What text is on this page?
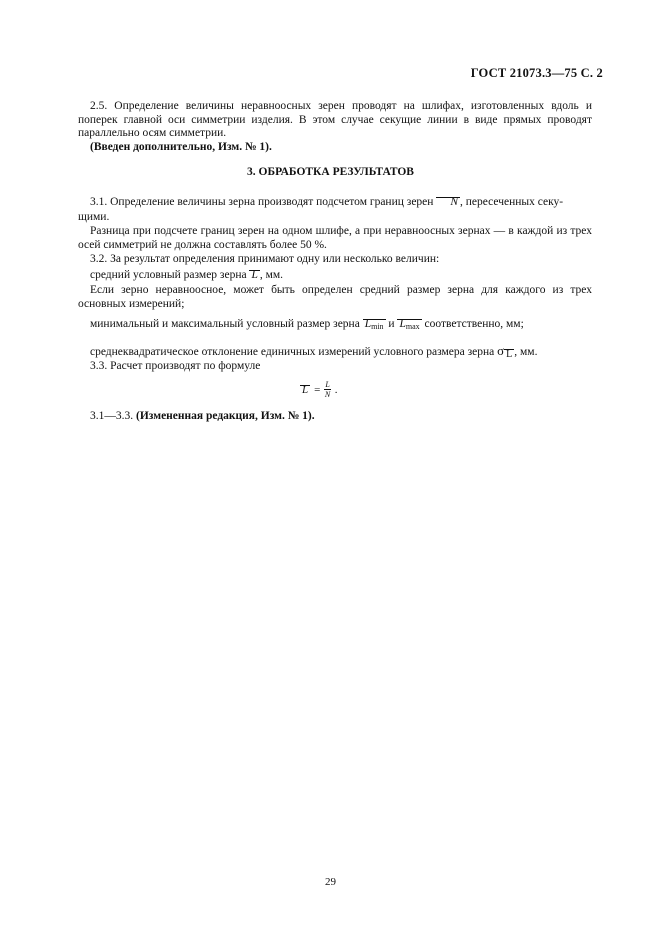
ГОСТ 21073.3—75 С. 2

2.5. Определение величины неравноосных зерен проводят на шлифах, изготовленных вдоль и поперек главной оси симметрии изделия. В этом случае секущие линии в виде прямых проводят параллельно осям симметрии.

(Введен дополнительно, Изм. № 1).

3. ОБРАБОТКА РЕЗУЛЬТАТОВ

3.1. Определение величины зерна производят подсчетом границ зерен N , пересеченных секу-

щими.

Разница при подсчете границ зерен на одном шлифе, а при неравноосных зернах — в каждой из трех осей симметрий не должна составлять более 50 %.

3.2. За результат определения принимают одну или несколько величин:

средний условный размер зерна L , мм.

Если зерно неравноосное, может быть определен средний размер зерна для каждого из трех основных измерений;

минимальный и максимальный условный размер зерна $L_{min}$ и $L_{max}$ соответственно, мм;

среднеквадратическое отклонение единичных измерений условного размера зерна σ L , мм.

3.3. Расчет производят по формуле

$L = \frac{L}{N}$ .

3.1—3.3. (Измененная редакция, Изм. № 1).

29
